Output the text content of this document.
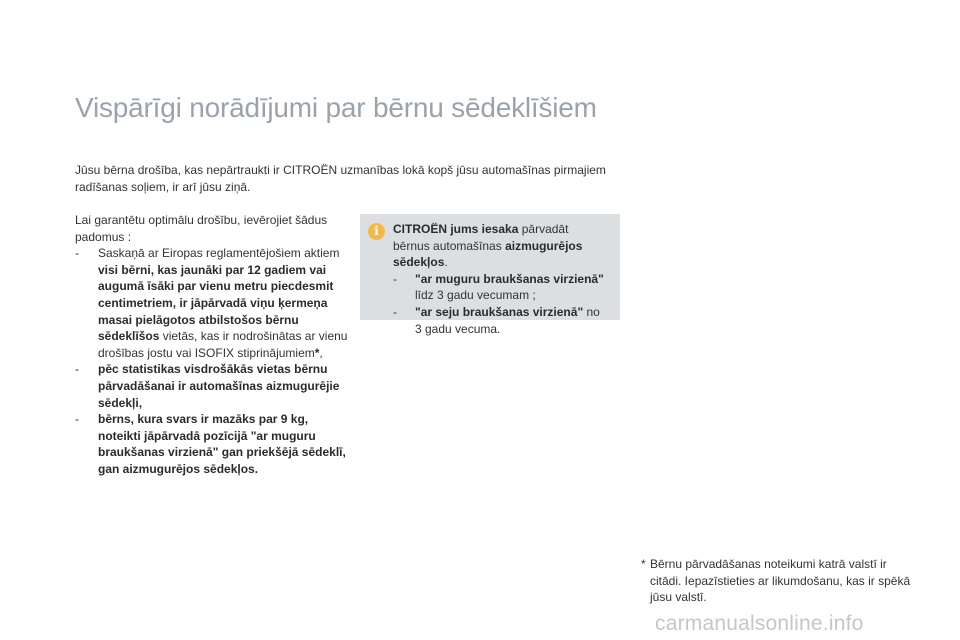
Vispārīgi norādījumi par bērnu sēdeklīšiem

Jūsu bērna drošība, kas nepārtraukti ir CITROËN uzmanības lokā kopš jūsu automašīnas pirmajiem radīšanas soļiem, ir arī jūsu ziņā.

Lai garantētu optimālu drošību, ievērojiet šādus padomus :

- Saskaņā ar Eiropas reglamentējošiem aktiem visi bērni, kas jaunāki par 12 gadiem vai augumā īsāki par vienu metru piecdesmit centimetriem, ir jāpārvadā viņu ķermeņa masai pielāgotos atbilstošos bērnu sēdeklīšos vietās, kas ir nodrošinātas ar vienu drošības jostu vai ISOFIX stiprinājumiem*,
- pēc statistikas visdrošākās vietas bērnu pārvadāšanai ir automašīnas aizmugurējie sēdekļi,
- bērns, kura svars ir mazāks par 9 kg, noteikti jāpārvadā pozīcijā "ar muguru braukšanas virzienā" gan priekšējā sēdeklī, gan aizmugurējos sēdekļos.
i	CITROËN jums iesaka pārvadāt bērnus automašīnas aizmugurējos sēdekļos.

- "ar muguru braukšanas virzienā" līdz 3 gadu vecumam ;
- "ar seju braukšanas virzienā" no 3 gadu vecuma.
* Bērnu pārvadāšanas noteikumi katrā valstī ir citādi. Iepazīstieties ar likumdošanu, kas ir spēkā jūsu valstī.
carmanualsonline.info
